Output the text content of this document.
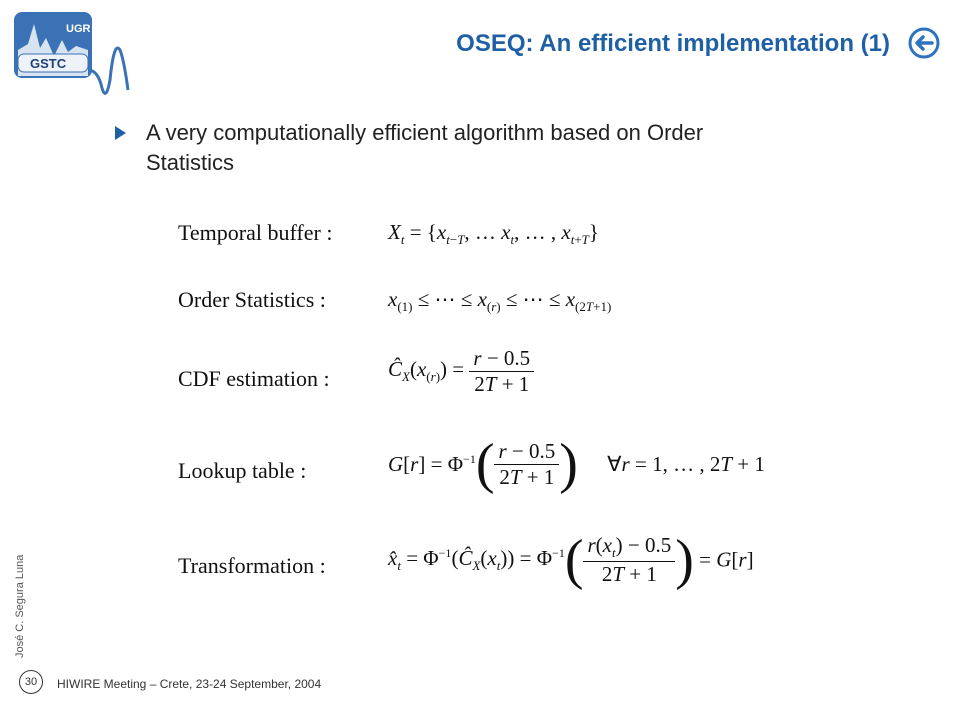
UGR
GSTC
OSEQ: An efficient implementation (1)
A very computationally efficient algorithm based on Order
Statistics
Temporal buffer :	$X_t = \{x_{t-T}$, … $x_t$, … , $x_{t+T}$}
Order Statistics :	$x_{(1)}$ ≤ ⋯ ≤ $x_{(r)}$ ≤ ⋯ ≤ $x_{(2T+1)}$
CDF estimation :	$Ĉ_X(x_{(r)}) = \frac{r - 0.5}{2T + 1}$
Lookup table :	$G[r] = \Phi^{-1}( \frac{r - 0.5}{2T + 1}$ ) ∀r = 1, … , 2T + 1
Transformation :	$x̂_t$ = $\Phi^{-1}(Ĉ_X(x_t)) = \Phi^{-1}( \frac{r(x_t) - 0.5}{2T + 1}$ ) = G[r]
José C. Segura Luna
30	HIWIRE Meeting – Crete, 23-24 September, 2004
